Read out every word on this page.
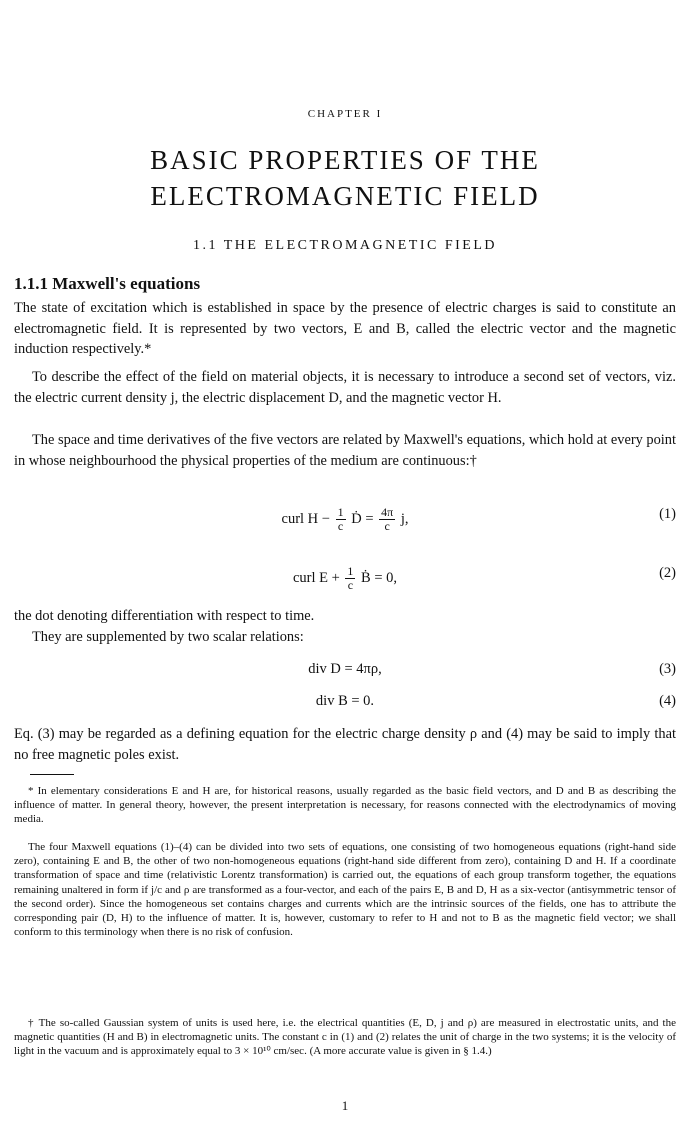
CHAPTER I
BASIC PROPERTIES OF THE
ELECTROMAGNETIC FIELD
1.1 THE ELECTROMAGNETIC FIELD
1.1.1 Maxwell's equations
The state of excitation which is established in space by the presence of electric charges is said to constitute an electromagnetic field. It is represented by two vectors, E and B, called the electric vector and the magnetic induction respectively.*
To describe the effect of the field on material objects, it is necessary to introduce a second set of vectors, viz. the electric current density j, the electric displacement D, and the magnetic vector H.
The space and time derivatives of the five vectors are related by Maxwell's equations, which hold at every point in whose neighbourhood the physical properties of the medium are continuous:†
curl $H - \frac{1}{c}$ Ḋ = $\frac{4\pi}{c} j$,	(1)
curl $E + \frac{1}{c}$ Ḃ = 0,	(2)
the dot denoting differentiation with respect to time.
They are supplemented by two scalar relations:
div D = 4πρ,	(3)
div B = 0.	(4)
Eq. (3) may be regarded as a defining equation for the electric charge density ρ and (4) may be said to imply that no free magnetic poles exist.
* In elementary considerations E and H are, for historical reasons, usually regarded as the basic field vectors, and D and B as describing the influence of matter. In general theory, however, the present interpretation is necessary, for reasons connected with the electrodynamics of moving media.
The four Maxwell equations (1)–(4) can be divided into two sets of equations, one consisting of two homogeneous equations (right-hand side zero), containing E and B, the other of two non-homogeneous equations (right-hand side different from zero), containing D and H. If a coordinate transformation of space and time (relativistic Lorentz transformation) is carried out, the equations of each group transform together, the equations remaining unaltered in form if j/c and ρ are transformed as a four-vector, and each of the pairs E, B and D, H as a six-vector (antisymmetric tensor of the second order). Since the homogeneous set contains charges and currents which are the intrinsic sources of the fields, one has to attribute the corresponding pair (D, H) to the influence of matter. It is, however, customary to refer to H and not to B as the magnetic field vector; we shall conform to this terminology when there is no risk of confusion.
† The so-called Gaussian system of units is used here, i.e. the electrical quantities (E, D, j and ρ) are measured in electrostatic units, and the magnetic quantities (H and B) in electromagnetic units. The constant c in (1) and (2) relates the unit of charge in the two systems; it is the velocity of light in the vacuum and is approximately equal to 3 × 10¹⁰ cm/sec. (A more accurate value is given in § 1.4.)
1
